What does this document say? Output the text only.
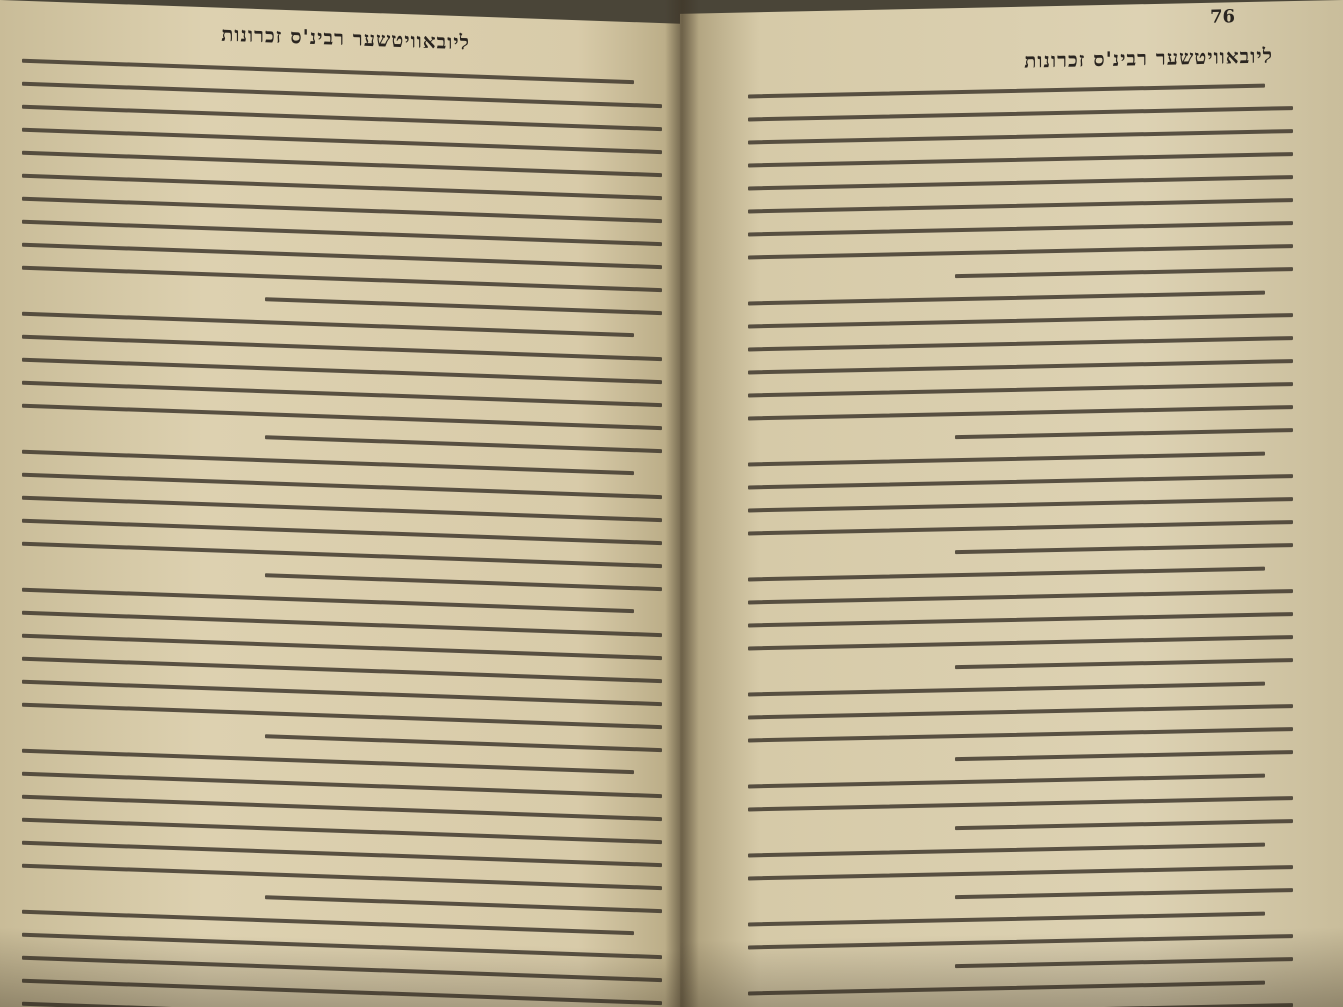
ליובאוויטשער רבינ'ס זכרונות
76
ליובאוויטשער רבינ'ס זכרונות
